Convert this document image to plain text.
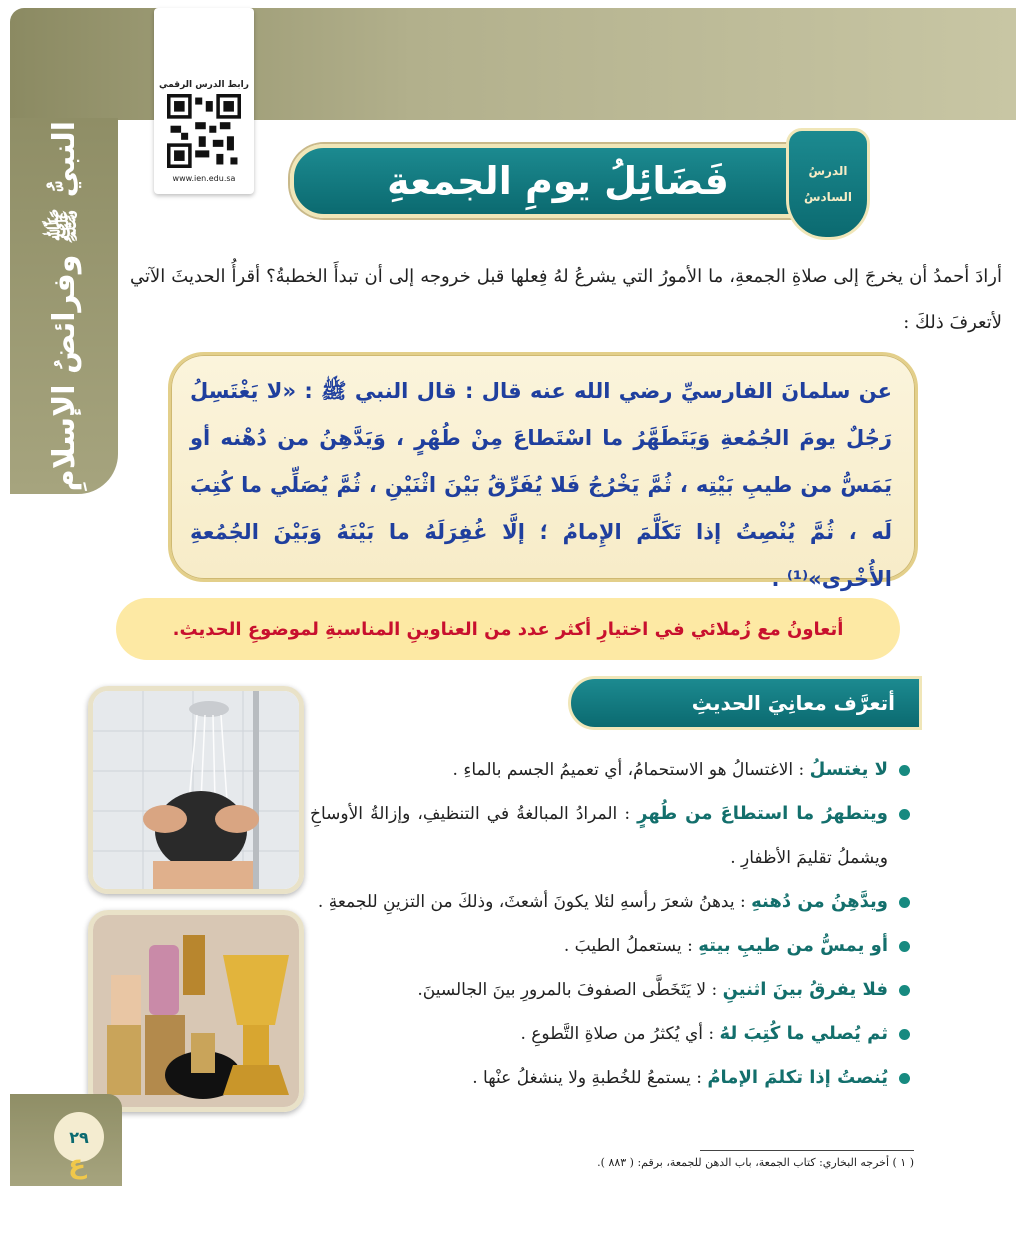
النبيُّ ﷺ وفرائضُ الإسلامِ
رابط الدرس الرقمي
www.ien.edu.sa	فَضَائِلُ يومِ الجمعةِ	الدرسُ
السادسُ
أرادَ أحمدُ أن يخرجَ إلى صلاةِ الجمعةِ، ما الأمورُ التي يشرعُ لهُ فِعلها قبل خروجه إلى أن تبدأَ الخطبةُ؟ أقرأُ الحديثَ الآتي لأتعرفَ ذلكَ :
عن سلمانَ الفارسيِّ رضي الله عنه قال : قال النبي ﷺ : «لا يَغْتَسِلُ رَجُلٌ يومَ الجُمُعةِ وَيَتَطَهَّرُ ما اسْتَطاعَ مِنْ طُهْرٍ ، وَيَدَّهِنُ من دُهْنه أو يَمَسُّ من طيبِ بَيْتِه ، ثُمَّ يَخْرُجُ فَلا يُفَرِّقُ بَيْنَ اثْنَيْنِ ، ثُمَّ يُصَلِّي ما كُتِبَ لَه ، ثُمَّ يُنْصِتُ إذا تَكَلَّمَ الإِمامُ ؛ إلَّا غُفِرَلَهُ ما بَيْنَهُ وَبَيْنَ الجُمُعةِ الأُخْرى»⁽¹⁾ .
أتعاونُ مع زُملائي في اختيارِ أكثر عدد من العناوينِ المناسبةِ لموضوعِ الحديثِ.
أتعرَّف معانِيَ الحديثِ
لا يغتسلُ : الاغتسالُ هو الاستحمامُ، أي تعميمُ الجسم بالماءِ .
ويتطهرُ ما استطاعَ من طُهرٍ : المرادُ المبالغةُ في التنظيفِ، وإزالةُ الأوساخِ ويشملُ تقليمَ الأظفارِ .
ويدَّهِنُ من دُهنهِ : يدهنُ شعرَ رأسهِ لئلا يكونَ أشعثَ، وذلكَ من التزينِ للجمعةِ .
أو يمسُّ من طيبِ بيتهِ : يستعملُ الطيبَ .
فلا يفرقُ بينَ اثنينِ : لا يَتَخَطَّى الصفوفَ بالمرورِ بينَ الجالسينَ.
ثم يُصلي ما كُتِبَ لهُ : أي يُكثرُ من صلاةِ التَّطوعِ .
يُنصتُ إذا تكلمَ الإمامُ : يستمعُ للخُطبةِ ولا ينشغلُ عنْها .
( ١ ) أخرجه البخاري: كتاب الجمعة، باب الدهن للجمعة، برقم: ( ٨٨٣ ).
٢٩
ع
